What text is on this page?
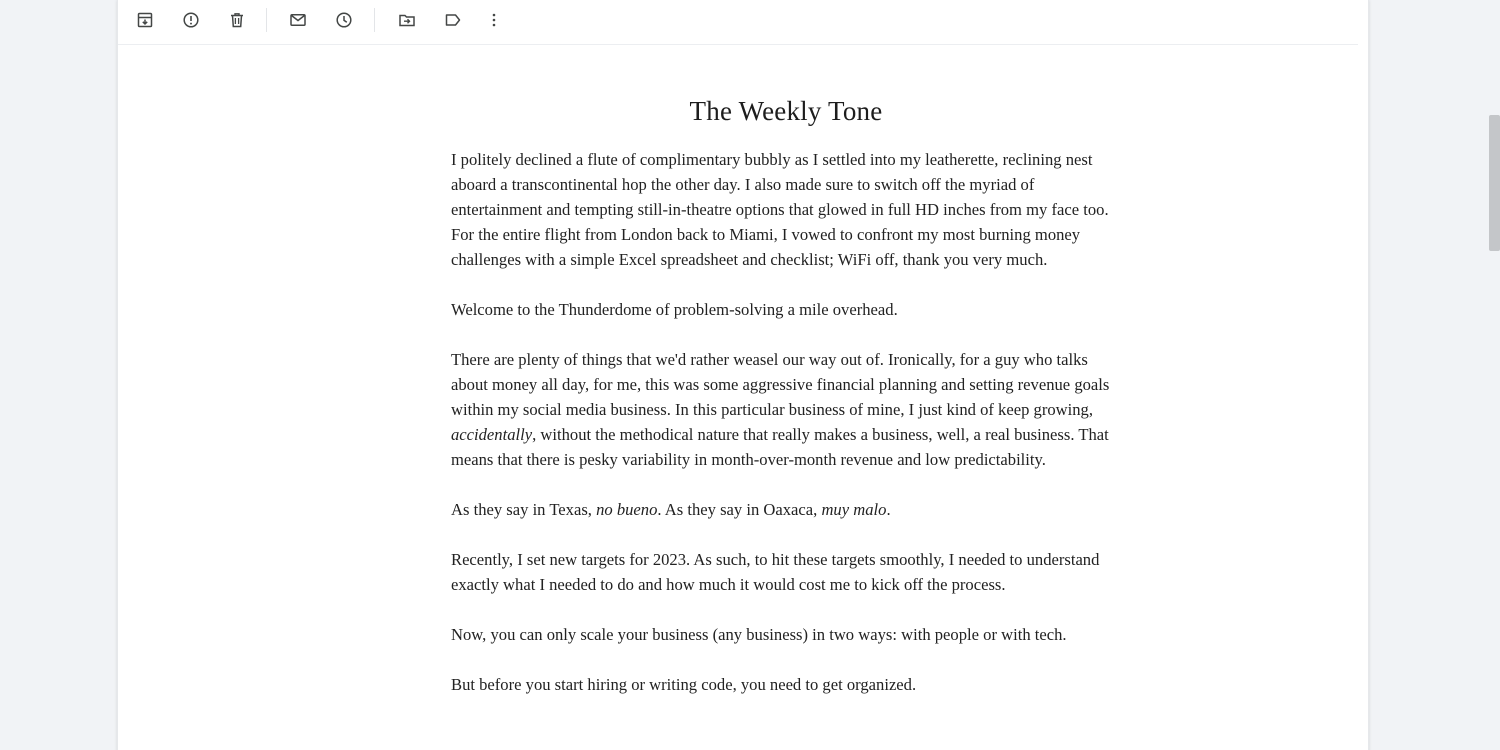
The Weekly Tone

I politely declined a flute of complimentary bubbly as I settled into my leatherette, reclining nest aboard a transcontinental hop the other day. I also made sure to switch off the myriad of entertainment and tempting still-in-theatre options that glowed in full HD inches from my face too. For the entire flight from London back to Miami, I vowed to confront my most burning money challenges with a simple Excel spreadsheet and checklist; WiFi off, thank you very much.

Welcome to the Thunderdome of problem-solving a mile overhead.

There are plenty of things that we'd rather weasel our way out of. Ironically, for a guy who talks about money all day, for me, this was some aggressive financial planning and setting revenue goals within my social media business. In this particular business of mine, I just kind of keep growing, accidentally, without the methodical nature that really makes a business, well, a real business. That means that there is pesky variability in month-over-month revenue and low predictability.

As they say in Texas, no bueno. As they say in Oaxaca, muy malo.

Recently, I set new targets for 2023. As such, to hit these targets smoothly, I needed to understand exactly what I needed to do and how much it would cost me to kick off the process.

Now, you can only scale your business (any business) in two ways: with people or with tech.

But before you start hiring or writing code, you need to get organized.
